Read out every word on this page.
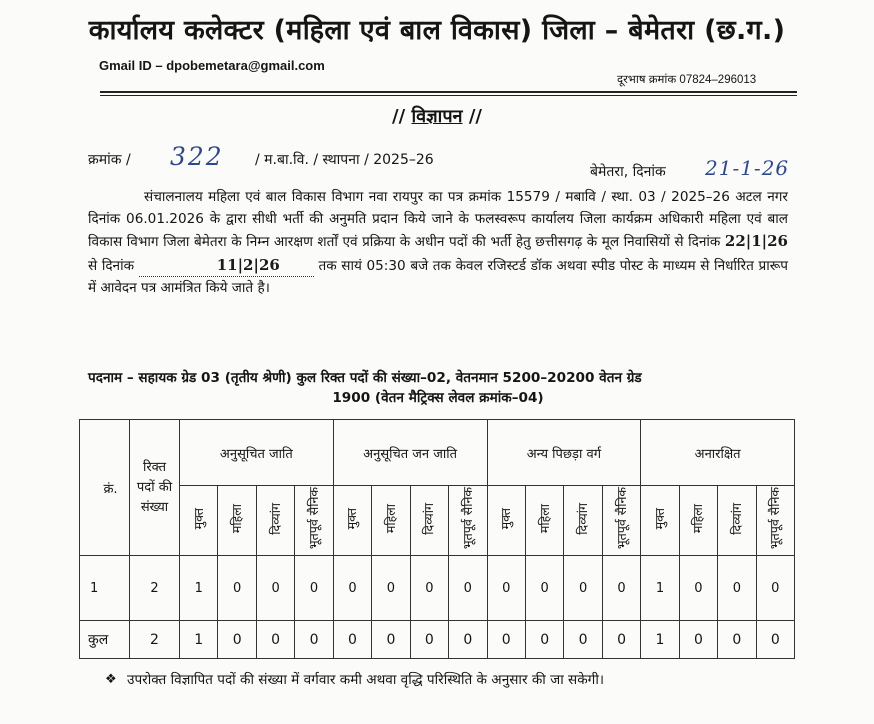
कार्यालय कलेक्टर (महिला एवं बाल विकास) जिला – बेमेतरा (छ.ग.)
Gmail ID – dpobemetara@gmail.com
दूरभाष क्रमांक 07824–296013
// विज्ञापन //
क्रमांक / 322 / म.बा.वि. / स्थापना / 2025–26
बेमेतरा, दिनांक 21-1-26

संचालनालय महिला एवं बाल विकास विभाग नवा रायपुर का पत्र क्रमांक 15579 / मबावि / स्था. 03 / 2025–26 अटल नगर दिनांक 06.01.2026 के द्वारा सीधी भर्ती की अनुमति प्रदान किये जाने के फलस्वरूप कार्यालय जिला कार्यक्रम अधिकारी महिला एवं बाल विकास विभाग जिला बेमेतरा के निम्न आरक्षण शर्तों एवं प्रक्रिया के अधीन पदों की भर्ती हेतु छत्तीसगढ़ के मूल निवासियों से दिनांक 22|1|26 से दिनांक	11|2|26	तक सायं 05:30 बजे तक केवल रजिस्टर्ड डॉक अथवा स्पीड पोस्ट के माध्यम से निर्धारित प्रारूप में आवेदन पत्र आमंत्रित किये जाते है।

पदनाम – सहायक ग्रेड 03 (तृतीय श्रेणी) कुल रिक्त पदों की संख्या–02, वेतनमान 5200–20200 वेतन ग्रेड
1900 (वेतन मैट्रिक्स लेवल क्रमांक–04)
क्रं.	रिक्त पदों की संख्या	अनुसूचित जाति				अनुसूचित जन जाति				अन्य पिछड़ा वर्ग				अनारक्षित			
		मुक्त	महिला	दिव्यांग	भूतपूर्व सैनिक	मुक्त	महिला	दिव्यांग	भूतपूर्व सैनिक	मुक्त	महिला	दिव्यांग	भूतपूर्व सैनिक	मुक्त	महिला	दिव्यांग	भूतपूर्व सैनिक
1	2	1	0	0	0	0	0	0	0	0	0	0	0	1	0	0	0
कुल	2	1	0	0	0	0	0	0	0	0	0	0	0	1	0	0	0
❖ उपरोक्त विज्ञापित पदों की संख्या में वर्गवार कमी अथवा वृद्धि परिस्थिति के अनुसार की जा सकेगी।
